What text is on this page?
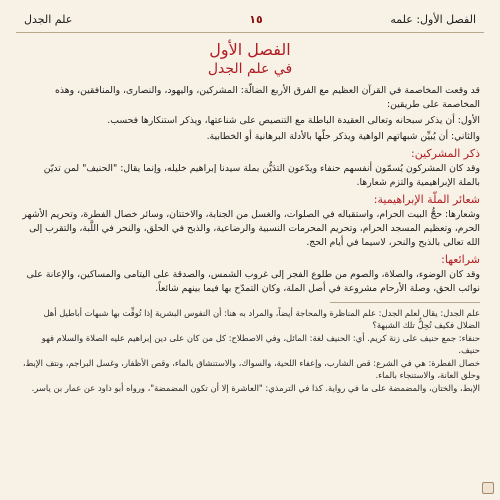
علم الجدل	١٥	الفصل الأول: علمه
الفصل الأول
في علم الجدل
قد وقعت المخاصمة في القرآن العظيم مع الفرق الأربع الضالّة: المشركين، واليهود، والنصارى، والمنافقين، وهذه المخاصمة على طريقين:
الأول: أن يذكر سبحانه وتعالى العقيدة الباطلة مع التنصيص على شناعتها، ويذكر استنكارها فحسب.
والثاني: أن يُبيِّن شبهاتهم الواهية ويذكر حلّها بالأدلة البرهانية أو الخطابية.
ذكر المشركين:
وقد كان المشركون يُسمّون أنفسهم حنفاء ويدّعون التدَيُّن بملة سيدنا إبراهيم خليله، وإنما يقال: "الحنيف" لمن تديّن بالملة الإبراهيمية والتزم شعارها.
شعائر الملّة الإبراهيمية:
وشعارها: حجُّ البيت الحرام، واستقباله في الصلوات، والغسل من الجنابة، والاختتان، وسائر خصال الفطرة، وتحريم الأشهر الحرم، وتعظيم المسجد الحرام، وتحريم المحرمات النسبية والرضاعية، والذبح في الحلق، والنحر في اللَّبة، والتقرب إلى الله تعالى بالذبح والنحر، لاسيما في أيام الحج.
شرائعها:
وقد كان الوضوء، والصلاة، والصوم من طلوع الفجر إلى غروب الشمس، والصدقة على اليتامى والمساكين، والإعانة على نوائب الحق، وصلة الأرحام مشروعة في أصل الملة، وكان التمدّح بها فيما بينهم شائعاً.
علم الجدل: يقال لعلم الجدل: علم المناظرة والمحاجة أيضاً، والمراد به هنا: أن النفوس البشرية إذا تُوقِّت بها شبهات أباطيل أهل الضلال فكيف تُحِلُّ تلك الشبهة؟
حنفاء: جمع حنيف على زنة كريم. أي: الحنيف لغة: المائل، وفي الاصطلاح: كل من كان على دين إبراهيم عليه الصلاة والسلام فهو حنيف.
خصال الفطرة: هي في الشرع: قص الشارب، وإعفاء اللحية، والسواك، والاستنشاق بالماء، وقص الأظفار، وغسل البراجم، ونتف الإبط، وحلق العانة، والاستنجاء بالماء.
الإبط، والختان، والمضمضة على ما في رواية. كذا في الترمذي: "العاشرة إلا أن تكون المضمضة"، ورواه أبو داود عن عمار بن ياسر.
